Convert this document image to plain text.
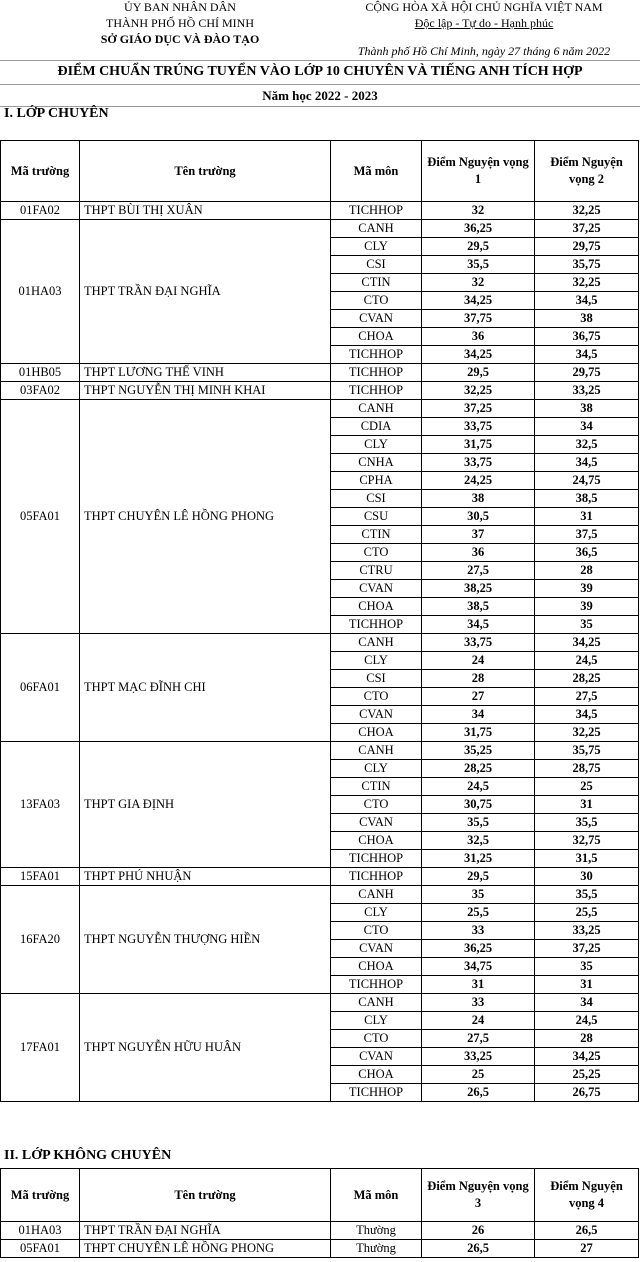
ỦY BAN NHÂN DÂN
THÀNH PHỐ HỒ CHÍ MINH
SỞ GIÁO DỤC VÀ ĐÀO TẠO
CỘNG HÒA XÃ HỘI CHỦ NGHĨA VIỆT NAM
Độc lập - Tự do - Hạnh phúc
Thành phố Hồ Chí Minh, ngày 27 tháng 6 năm 2022
ĐIỂM CHUẨN TRÚNG TUYỂN VÀO LỚP 10 CHUYÊN VÀ TIẾNG ANH TÍCH HỢP
Năm học 2022 - 2023
I. LỚP CHUYÊN
Mã trường	Tên trường	Mã môn	Điểm Nguyện vọng 1	Điểm Nguyện vọng 2
01FA02	THPT BÙI THỊ XUÂN	TICHHOP	32	32,25
01HA03	THPT TRẦN ĐẠI NGHĨA	CANH	36,25	37,25
		CLY	29,5	29,75
		CSI	35,5	35,75
		CTIN	32	32,25
		CTO	34,25	34,5
		CVAN	37,75	38
		CHOA	36	36,75
		TICHHOP	34,25	34,5
01HB05	THPT LƯƠNG THẾ VINH	TICHHOP	29,5	29,75
03FA02	THPT NGUYỄN THỊ MINH KHAI	TICHHOP	32,25	33,25
05FA01	THPT CHUYÊN LÊ HỒNG PHONG	CANH	37,25	38
		CDIA	33,75	34
		CLY	31,75	32,5
		CNHA	33,75	34,5
		CPHA	24,25	24,75
		CSI	38	38,5
		CSU	30,5	31
		CTIN	37	37,5
		CTO	36	36,5
		CTRU	27,5	28
		CVAN	38,25	39
		CHOA	38,5	39
		TICHHOP	34,5	35
06FA01	THPT MẠC ĐĨNH CHI	CANH	33,75	34,25
		CLY	24	24,5
		CSI	28	28,25
		CTO	27	27,5
		CVAN	34	34,5
		CHOA	31,75	32,25
13FA03	THPT GIA ĐỊNH	CANH	35,25	35,75
		CLY	28,25	28,75
		CTIN	24,5	25
		CTO	30,75	31
		CVAN	35,5	35,5
		CHOA	32,5	32,75
		TICHHOP	31,25	31,5
15FA01	THPT PHÚ NHUẬN	TICHHOP	29,5	30
16FA20	THPT NGUYỄN THƯỢNG HIỀN	CANH	35	35,5
		CLY	25,5	25,5
		CTO	33	33,25
		CVAN	36,25	37,25
		CHOA	34,75	35
		TICHHOP	31	31
17FA01	THPT NGUYỄN HỮU HUÂN	CANH	33	34
		CLY	24	24,5
		CTO	27,5	28
		CVAN	33,25	34,25
		CHOA	25	25,25
		TICHHOP	26,5	26,75
II. LỚP KHÔNG CHUYÊN
Mã trường	Tên trường	Mã môn	Điểm Nguyện vọng 3	Điểm Nguyện vọng 4
01HA03	THPT TRẦN ĐẠI NGHĨA	Thường	26	26,5
05FA01	THPT CHUYÊN LÊ HỒNG PHONG	Thường	26,5	27
